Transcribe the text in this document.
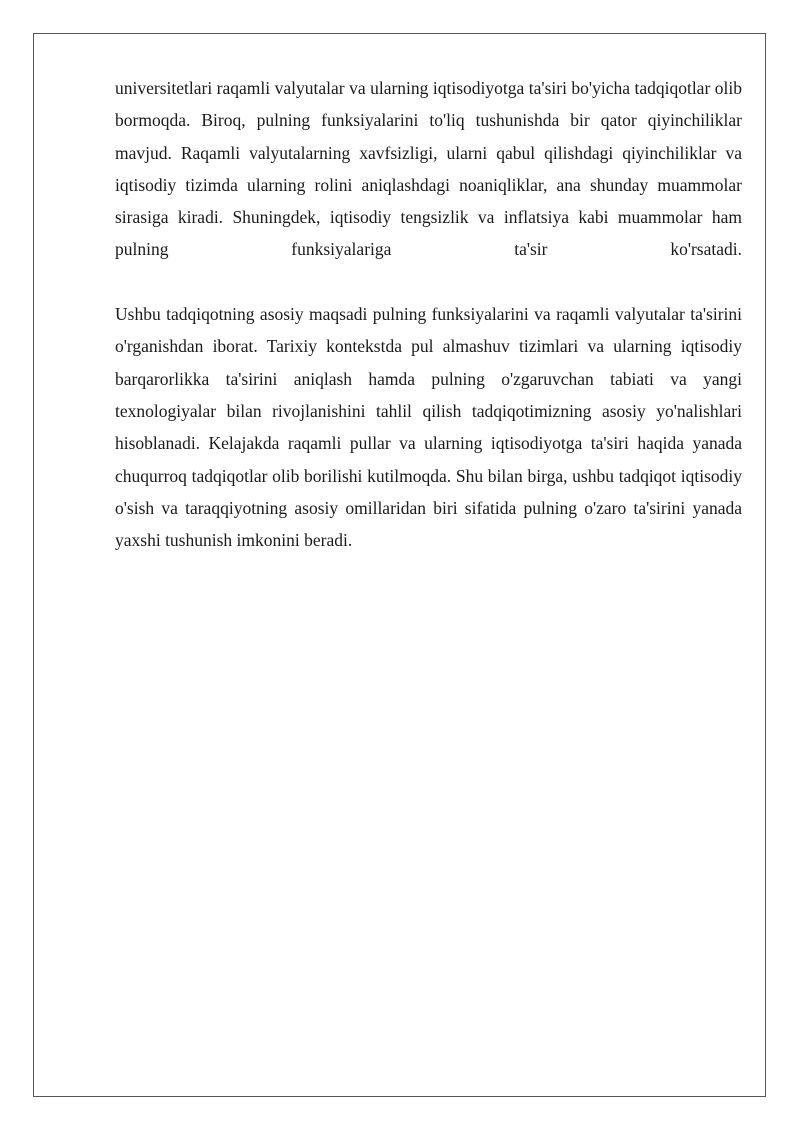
universitetlari raqamli valyutalar va ularning iqtisodiyotga ta'siri bo'yicha tadqiqotlar olib bormoqda. Biroq, pulning funksiyalarini to'liq tushunishda bir qator qiyinchiliklar mavjud. Raqamli valyutalarning xavfsizligi, ularni qabul qilishdagi qiyinchiliklar va iqtisodiy tizimda ularning rolini aniqlashdagi noaniqliklar, ana shunday muammolar sirasiga kiradi. Shuningdek, iqtisodiy tengsizlik va inflatsiya kabi muammolar ham pulning funksiyalariga ta'sir ko'rsatadi.

Ushbu tadqiqotning asosiy maqsadi pulning funksiyalarini va raqamli valyutalar ta'sirini o'rganishdan iborat. Tarixiy kontekstda pul almashuv tizimlari va ularning iqtisodiy barqarorlikka ta'sirini aniqlash hamda pulning o'zgaruvchan tabiati va yangi texnologiyalar bilan rivojlanishini tahlil qilish tadqiqotimizning asosiy yo'nalishlari hisoblanadi. Kelajakda raqamli pullar va ularning iqtisodiyotga ta'siri haqida yanada chuqurroq tadqiqotlar olib borilishi kutilmoqda. Shu bilan birga, ushbu tadqiqot iqtisodiy o'sish va taraqqiyotning asosiy omillaridan biri sifatida pulning o'zaro ta'sirini yanada yaxshi tushunish imkonini beradi.
